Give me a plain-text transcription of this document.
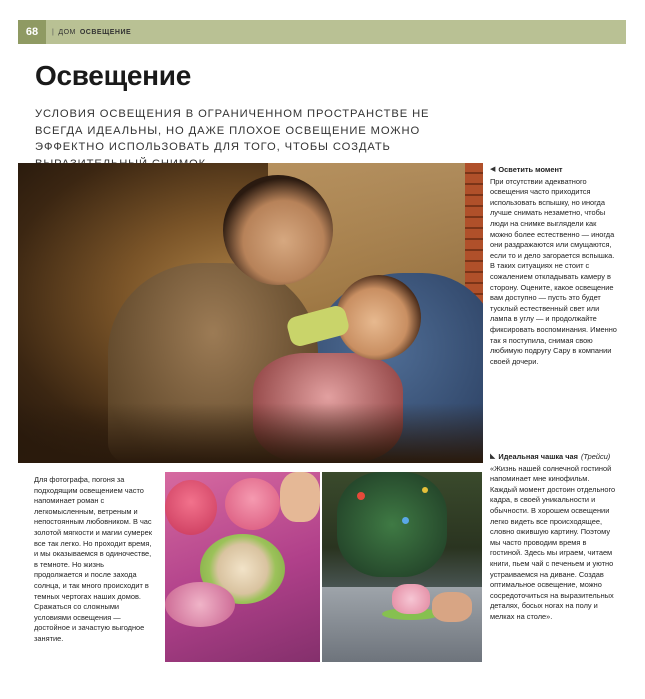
68	| ДОМ ОСВЕЩЕНИЕ
Освещение

УСЛОВИЯ ОСВЕЩЕНИЯ В ОГРАНИЧЕННОМ ПРОСТРАНСТВЕ НЕ ВСЕГДА ИДЕАЛЬНЫ, НО ДАЖЕ ПЛОХОЕ ОСВЕЩЕНИЕ МОЖНО ЭФФЕКТНО ИСПОЛЬЗОВАТЬ ДЛЯ ТОГО, ЧТОБЫ СОЗДАТЬ

◀ Осветить момент

При отсутствии адекватного освещения часто приходится использовать вспышку, но иногда лучше снимать незаметно, чтобы люди на снимке выглядели как можно более естественно — иногда они раздражаются или смущаются, если то и дело загорается вспышка. В таких ситуациях не стоит с сожалением откладывать камеру в сторону. Оцените, какое освещение вам доступно — пусть это будет тусклый естественный свет или лампа в углу — и продолжайте фиксировать воспоминания. Именно так я поступила, снимая свою любимую подругу Сару в компании своей дочери.

◣ Идеальная чашка чая (Трейси)

«Жизнь нашей солнечной гостиной напоминает мне кинофильм. Каждый момент достоин отдельного кадра, в своей уникальности и обычности. В хорошем освещении легко видеть все происходящее, словно ожившую картину. Поэтому мы часто проводим время в гостиной. Здесь мы играем, читаем книги, пьем чай с печеньем и уютно устраиваемся на диване. Создав оптимальное освещение, можно сосредоточиться на выразительных деталях, босых ногах на полу и мелках на столе».

Для фотографа, погоня за подходящим освещением часто напоминает роман с легкомысленным, ветреным и непостоянным любовником. В час золотой мягкости и магии сумерек все так легко. Но проходит время, и мы оказываемся в одиночестве, в темноте. Но жизнь продолжается и после захода солнца, и так много происходит в темных чертогах наших домов. Сражаться со сложными условиями освещения — достойное и зачастую выгодное занятие.
